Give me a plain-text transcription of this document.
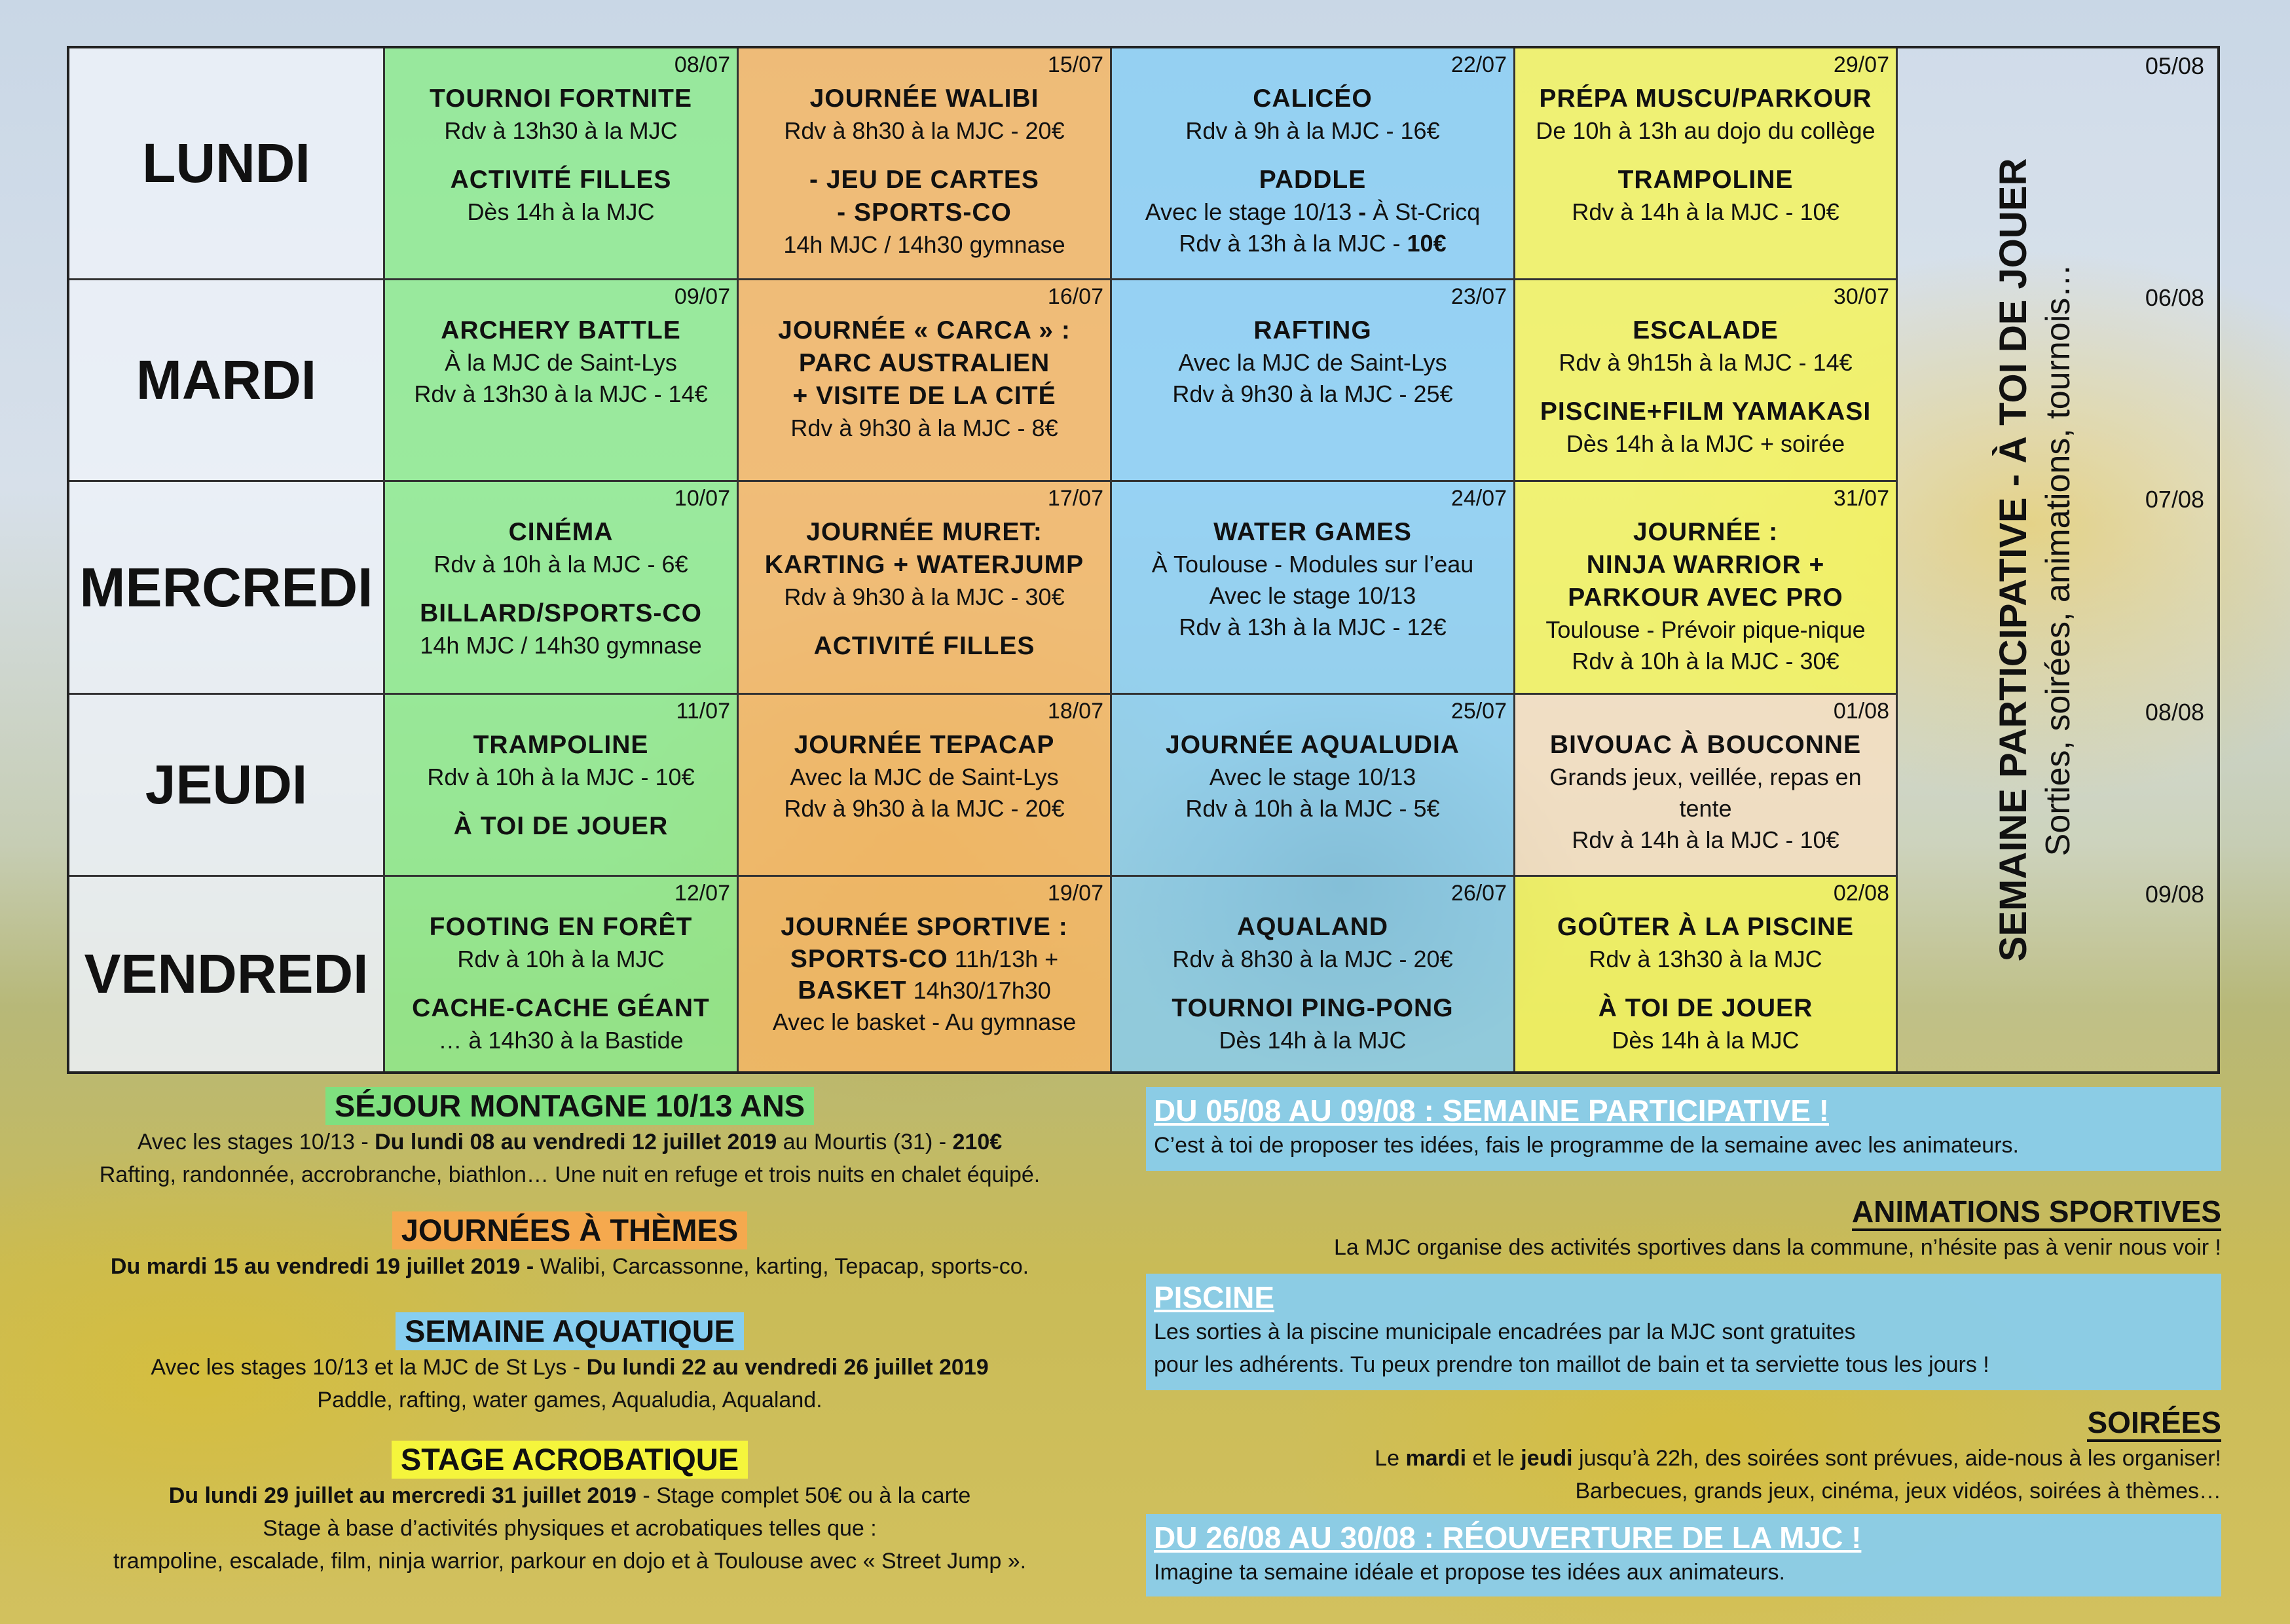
LUNDI
08/07
TOURNOI FORTNITE
Rdv à 13h30 à la MJC
ACTIVITÉ FILLES
Dès 14h à la MJC
15/07
JOURNÉE WALIBI
Rdv à 8h30 à la MJC - 20€
- JEU DE CARTES
- SPORTS-CO
14h MJC / 14h30 gymnase
22/07
CALICÉO
Rdv à 9h à la MJC - 16€
PADDLE
Avec le stage 10/13 - À St-Cricq
Rdv à 13h à la MJC - 10€
29/07
PRÉPA MUSCU/PARKOUR
De 10h à 13h au dojo du collège
TRAMPOLINE
Rdv à 14h à la MJC - 10€
MARDI
09/07
ARCHERY BATTLE
À la MJC de Saint-Lys
Rdv à 13h30 à la MJC - 14€
16/07
JOURNÉE « CARCA » :
PARC AUSTRALIEN
+ VISITE DE LA CITÉ
Rdv à 9h30 à la MJC - 8€
23/07
RAFTING
Avec la MJC de Saint-Lys
Rdv à 9h30 à la MJC - 25€
30/07
ESCALADE
Rdv à 9h15h à la MJC - 14€
PISCINE+FILM YAMAKASI
Dès 14h à la MJC + soirée
MERCREDI
10/07
CINÉMA
Rdv à 10h à la MJC - 6€
BILLARD/SPORTS-CO
14h MJC / 14h30 gymnase
17/07
JOURNÉE MURET:
KARTING + WATERJUMP
Rdv à 9h30 à la MJC - 30€
ACTIVITÉ FILLES
24/07
WATER GAMES
À Toulouse - Modules sur l’eau
Avec le stage 10/13
Rdv à 13h à la MJC - 12€
31/07
JOURNÉE :
NINJA WARRIOR +
PARKOUR AVEC PRO
Toulouse - Prévoir pique-nique
Rdv à 10h à la MJC - 30€
JEUDI
11/07
TRAMPOLINE
Rdv à 10h à la MJC - 10€
À TOI DE JOUER
18/07
JOURNÉE TEPACAP
Avec la MJC de Saint-Lys
Rdv à 9h30 à la MJC - 20€
25/07
JOURNÉE AQUALUDIA
Avec le stage 10/13
Rdv à 10h à la MJC - 5€
01/08
BIVOUAC À BOUCONNE
Grands jeux, veillée, repas en
tente
Rdv à 14h à la MJC - 10€
VENDREDI
12/07
FOOTING EN FORÊT
Rdv à 10h à la MJC
CACHE-CACHE GÉANT
… à 14h30 à la Bastide
19/07
JOURNÉE SPORTIVE :
SPORTS-CO 11h/13h +
BASKET 14h30/17h30
Avec le basket - Au gymnase
26/07
AQUALAND
Rdv à 8h30 à la MJC - 20€
TOURNOI PING-PONG
Dès 14h à la MJC
02/08
GOÛTER À LA PISCINE
Rdv à 13h30 à la MJC
À TOI DE JOUER
Dès 14h à la MJC
05/08
06/08
07/08
08/08
09/08
SEMAINE PARTICIPATIVE - À TOI DE JOUER Sorties, soirées, animations, tournois…
SÉJOUR MONTAGNE 10/13 ANS
Avec les stages 10/13 - Du lundi 08 au vendredi 12 juillet 2019 au Mourtis (31) - 210€
Rafting, randonnée, accrobranche, biathlon… Une nuit en refuge et trois nuits en chalet équipé.
JOURNÉES À THÈMES
Du mardi 15 au vendredi 19 juillet 2019 - Walibi, Carcassonne, karting, Tepacap, sports-co.
SEMAINE AQUATIQUE
Avec les stages 10/13 et la MJC de St Lys - Du lundi 22 au vendredi 26 juillet 2019
Paddle, rafting, water games, Aqualudia, Aqualand.
STAGE ACROBATIQUE
Du lundi 29 juillet au mercredi 31 juillet 2019 - Stage complet 50€ ou à la carte
Stage à base d’activités physiques et acrobatiques telles que :
trampoline, escalade, film, ninja warrior, parkour en dojo et à Toulouse avec « Street Jump ».
DU 05/08 AU 09/08 : SEMAINE PARTICIPATIVE !
C’est à toi de proposer tes idées, fais le programme de la semaine avec les animateurs.
ANIMATIONS SPORTIVES
La MJC organise des activités sportives dans la commune, n’hésite pas à venir nous voir !
PISCINE
Les sorties à la piscine municipale encadrées par la MJC sont gratuites
pour les adhérents. Tu peux prendre ton maillot de bain et ta serviette tous les jours !
SOIRÉES
Le mardi et le jeudi jusqu’à 22h, des soirées sont prévues, aide-nous à les organiser!
Barbecues, grands jeux, cinéma, jeux vidéos, soirées à thèmes…
DU 26/08 AU 30/08 : RÉOUVERTURE DE LA MJC !
Imagine ta semaine idéale et propose tes idées aux animateurs.
